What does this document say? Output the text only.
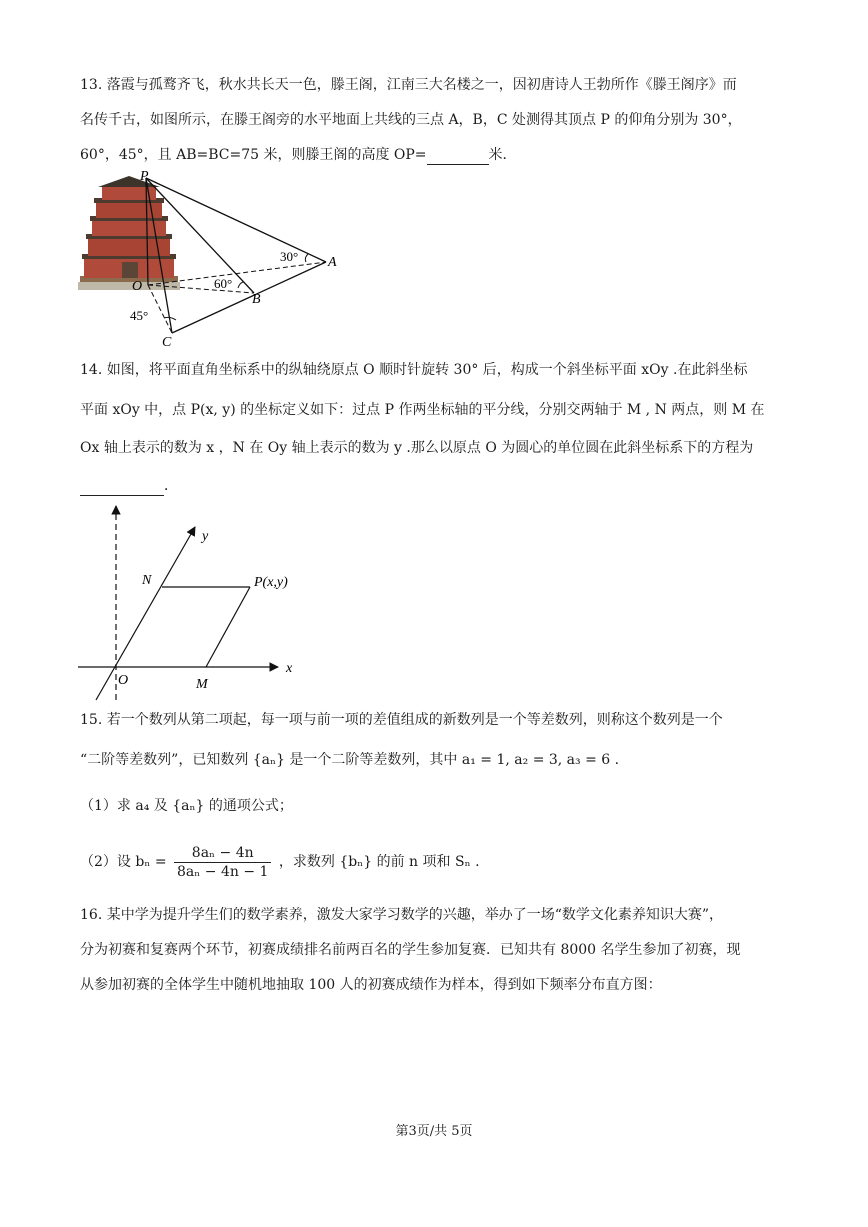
13. 落霞与孤鹜齐飞，秋水共长天一色，滕王阁，江南三大名楼之一，因初唐诗人王勃所作《滕王阁序》而
名传千古，如图所示，在滕王阁旁的水平地面上共线的三点 A，B，C 处测得其顶点 P 的仰角分别为 30°，
60°，45°，且 AB=BC=75 米，则滕王阁的高度 OP=	米．
P
O
A
B
C
30°
60°
45°
14. 如图，将平面直角坐标系中的纵轴绕原点 O 顺时针旋转 30° 后，构成一个斜坐标平面 xOy .在此斜坐标
平面 xOy 中，点 P(x, y) 的坐标定义如下：过点 P 作两坐标轴的平分线，分别交两轴于 M , N 两点，则 M 在
Ox 轴上表示的数为 x ，N 在 Oy 轴上表示的数为 y .那么以原点 O 为圆心的单位圆在此斜坐标系下的方程为
．
y
x
N	P(x,y)
O	M
15. 若一个数列从第二项起，每一项与前一项的差值组成的新数列是一个等差数列，则称这个数列是一个
“二阶等差数列”，已知数列 {aₙ} 是一个二阶等差数列，其中 a₁ = 1, a₂ = 3, a₃ = 6 .
（1）求 a₄ 及 {aₙ} 的通项公式；
（2）设 $b_n = \frac{\text{8aₙ − 4n}}{\text{8aₙ − 4n − 1}}$ ，求数列 {bₙ} 的前 n 项和 Sₙ .
16. 某中学为提升学生们的数学素养，激发大家学习数学的兴趣，举办了一场“数学文化素养知识大赛”，
分为初赛和复赛两个环节，初赛成绩排名前两百名的学生参加复赛．已知共有 8000 名学生参加了初赛，现
从参加初赛的全体学生中随机地抽取 100 人的初赛成绩作为样本，得到如下频率分布直方图：
第3页/共 5页
